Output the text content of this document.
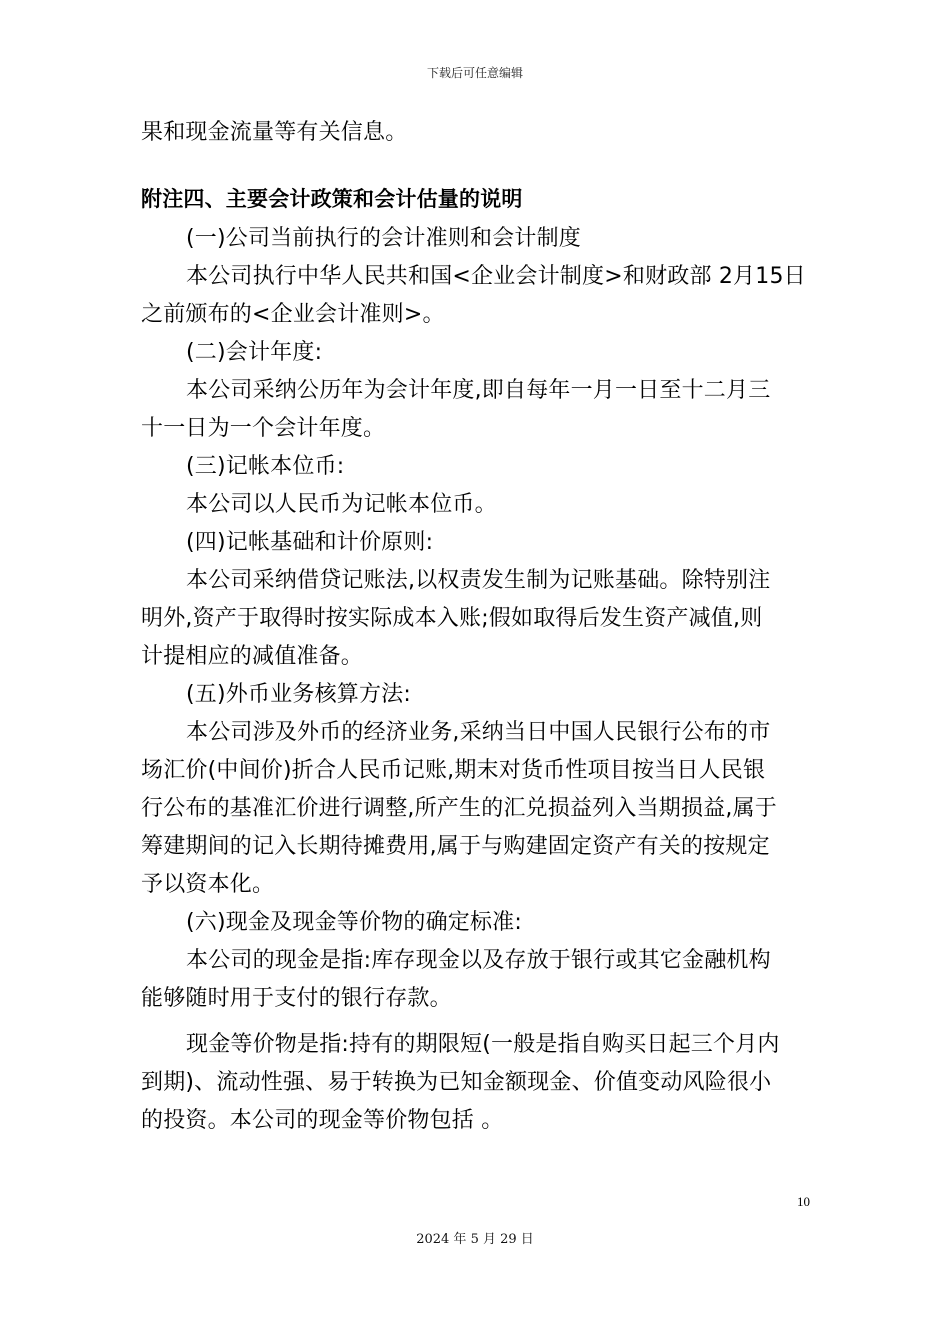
下载后可任意编辑
果和现金流量等有关信息。
附注四、主要会计政策和会计估量的说明
(一)公司当前执行的会计准则和会计制度
本公司执行中华人民共和国<企业会计制度>和财政部 2月15日
之前颁布的<企业会计准则>。
(二)会计年度:
本公司采纳公历年为会计年度,即自每年一月一日至十二月三
十一日为一个会计年度。
(三)记帐本位币:
本公司以人民币为记帐本位币。
(四)记帐基础和计价原则:
本公司采纳借贷记账法,以权责发生制为记账基础。除特别注
明外,资产于取得时按实际成本入账;假如取得后发生资产减值,则
计提相应的减值准备。
(五)外币业务核算方法:
本公司涉及外币的经济业务,采纳当日中国人民银行公布的市
场汇价(中间价)折合人民币记账,期末对货币性项目按当日人民银
行公布的基准汇价进行调整,所产生的汇兑损益列入当期损益,属于
筹建期间的记入长期待摊费用,属于与购建固定资产有关的按规定
予以资本化。
(六)现金及现金等价物的确定标准:
本公司的现金是指:库存现金以及存放于银行或其它金融机构
能够随时用于支付的银行存款。
现金等价物是指:持有的期限短(一般是指自购买日起三个月内
到期)、流动性强、易于转换为已知金额现金、价值变动风险很小
的投资。本公司的现金等价物包括 。
10
2024 年 5 月 29 日
